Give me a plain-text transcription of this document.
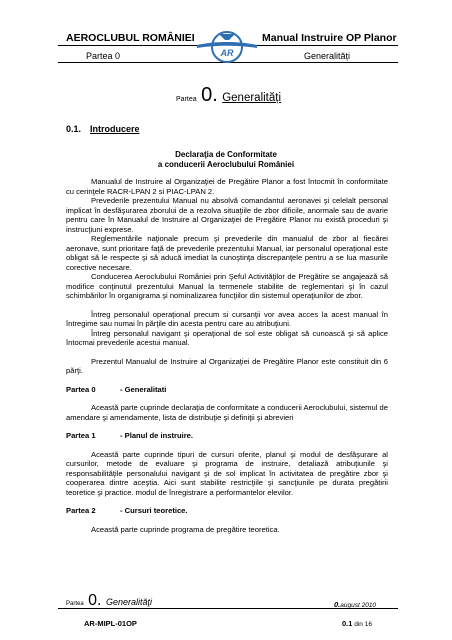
AEROCLUBUL ROMÂNIEI	Manual Instruire OP Planor
Partea 0	Generalități
AR
Partea 0. Generalități
0.1. Introducere
Declaraţia de Conformitate
a conducerii Aeroclubului României

Manualul de Instruire al Organizaţiei de Pregătire Planor a fost întocmit în conformitate cu cerinţele RACR-LPAN 2 si PIAC-LPAN 2.

Prevederile prezentului Manual nu absolvă comandantul aeronavei şi celelalt personal implicat în desfăşurarea zborului de a rezolva situaţiile de zbor dificile, anormale sau de avarie pentru care în Manualul de Instruire al Organizaţiei de Pregătire Planor nu există proceduri şi instrucţiuni exprese.

Reglementările naţionale precum şi prevederile din manualul de zbor al fiecărei aeronave, sunt prioritare faţă de prevederile prezentului Manual, iar personalul operaţional este obligat să le respecte şi să aducă imediat la cunoştinţa discrepanţele pentru a se lua masurile corective necesare.

Conducerea Aeroclubului României prin Şeful Activităţilor de Pregătire se angajează să modifice conţinutul prezentului Manual la termenele stabilite de reglementari şi în cazul schimbărilor în organigrama şi nominalizarea funcţiilor din sistemul operaţiunilor de zbor.

Întreg personalul operaţional precum si cursanţii vor avea acces la acest manual în întregime sau numai în părţile din acesta pentru care au atribuţiuni.

Întreg personalul navigant şi operaţional de sol este obligat să cunoască şi să aplice întocmai prevederile acestui manual.

Prezentul Manualul de Instruire al Organizaţiei de Pregătire Planor este constituit din 6 părţi.

Partea 0	- Generalitati

Această parte cuprinde declaraţia de conformitate a conducerii Aeroclubului, sistemul de amendare şi amendamente, lista de distribuţie şi definiţii şi abrevieri

Partea 1	- Planul de instruire.

Această parte cuprinde tipuri de cursuri oferite, planul şi modul de desfăşurare al cursurilor, metode de evaluare şi programa de instruire, detaliază atribuţiunile şi responsabilităţile personalului navigant şi de sol implicat în activitatea de pregătire zbor şi cooperarea dintre aceştia. Aici sunt stabilite restricţiile şi sancţiunile pe durata pregătirii teoretice şi practice. modul de înregistrare a performantelor elevilor.

Partea 2	- Cursuri teoretice.

Această parte cuprinde programa de pregătire teoretica.

Partea 0. Generalităţi	0.august 2010
AR-MIPL-01OP	0.1 din 16
